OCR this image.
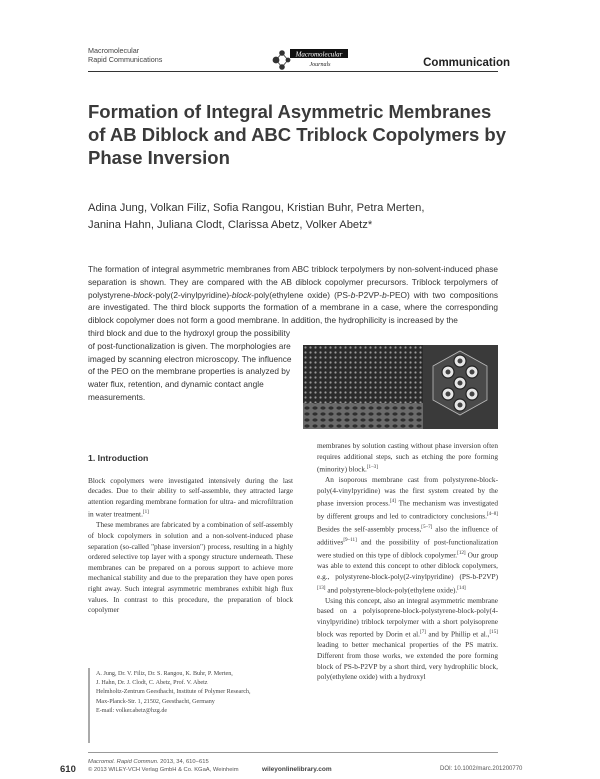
Macromolecular
Rapid Communications
Macromolecular
Journals	Communication
Formation of Integral Asymmetric Membranes of AB Diblock and ABC Triblock Copolymers by Phase Inversion
Adina Jung, Volkan Filiz, Sofia Rangou, Kristian Buhr, Petra Merten,
Janina Hahn, Juliana Clodt, Clarissa Abetz, Volker Abetz*

The formation of integral asymmetric membranes from ABC triblock terpolymers by non-solvent-induced phase separation is shown. They are compared with the AB diblock copolymer precursors. Triblock terpolymers of polystyrene-block-poly(2-vinylpyridine)-block-poly(ethylene oxide) (PS-b-P2VP-b-PEO) with two compositions are investigated. The third block supports the formation of a membrane in a case, where the corresponding diblock copolymer does not form a good membrane. In addition, the hydrophilicity is increased by the

third block and due to the hydroxyl group the possibility of post-functionalization is given. The morphologies are imaged by scanning electron microscopy. The influence of the PEO on the membrane properties is analyzed by water flux, retention, and dynamic contact angle measurements.

1. Introduction

Block copolymers were investigated intensively during the last decades. Due to their ability to self-assemble, they attracted large attention regarding membrane formation for ultra- and microfiltration in water treatment.[1]

These membranes are fabricated by a combination of self-assembly of block copolymers in solution and a non-solvent-induced phase separation (so-called "phase inversion") process, resulting in a highly ordered selective top layer with a spongy structure underneath. These membranes can be prepared on a porous support to achieve more mechanical stability and due to the preparation they have open pores right away. Such integral asymmetric membranes exhibit high flux values. In contrast to this procedure, the preparation of block copolymer

membranes by solution casting without phase inversion often requires additional steps, such as etching the pore forming (minority) block.[1–3]

An isoporous membrane cast from polystyrene-block-poly(4-vinylpyridine) was the first system created by the phase inversion process.[4] The mechanism was investigated by different groups and led to contradictory conclusions.[4–8] Besides the self-assembly process,[5–7] also the influence of additives[9–11] and the possibility of post-functionalization were studied on this type of diblock copolymer.[12] Our group was able to extend this concept to other diblock copolymers, e.g., polystyrene-block-poly(2-vinylpyridine) (PS-b-P2VP)[13] and polystyrene-block-poly(ethylene oxide).[14]

Using this concept, also an integral asymmetric membrane based on a polyisoprene-block-polystyrene-block-poly(4-vinylpyridine) triblock terpolymer with a short polyisoprene block was reported by Dorin et al.[7] and by Phillip et al.,[15] leading to better mechanical properties of the PS matrix. Different from those works, we extended the pore forming block of PS-b-P2VP by a short third, very hydrophilic block, poly(ethylene oxide) with a hydroxyl

A. Jung, Dr. V. Filiz, Dr. S. Rangou, K. Buhr, P. Merten,
J. Hahn, Dr. J. Clodt, C. Abetz, Prof. V. Abetz
Helmholtz-Zentrum Geesthacht, Institute of Polymer Research,
Max-Planck-Str. 1, 21502, Geesthacht, Germany
E-mail: volker.abetz@hzg.de
610
Macromol. Rapid Commun. 2013, 34, 610−615
© 2013 WILEY-VCH Verlag GmbH & Co. KGaA, Weinheim	wileyonlinelibrary.com	DOI: 10.1002/marc.201200770
